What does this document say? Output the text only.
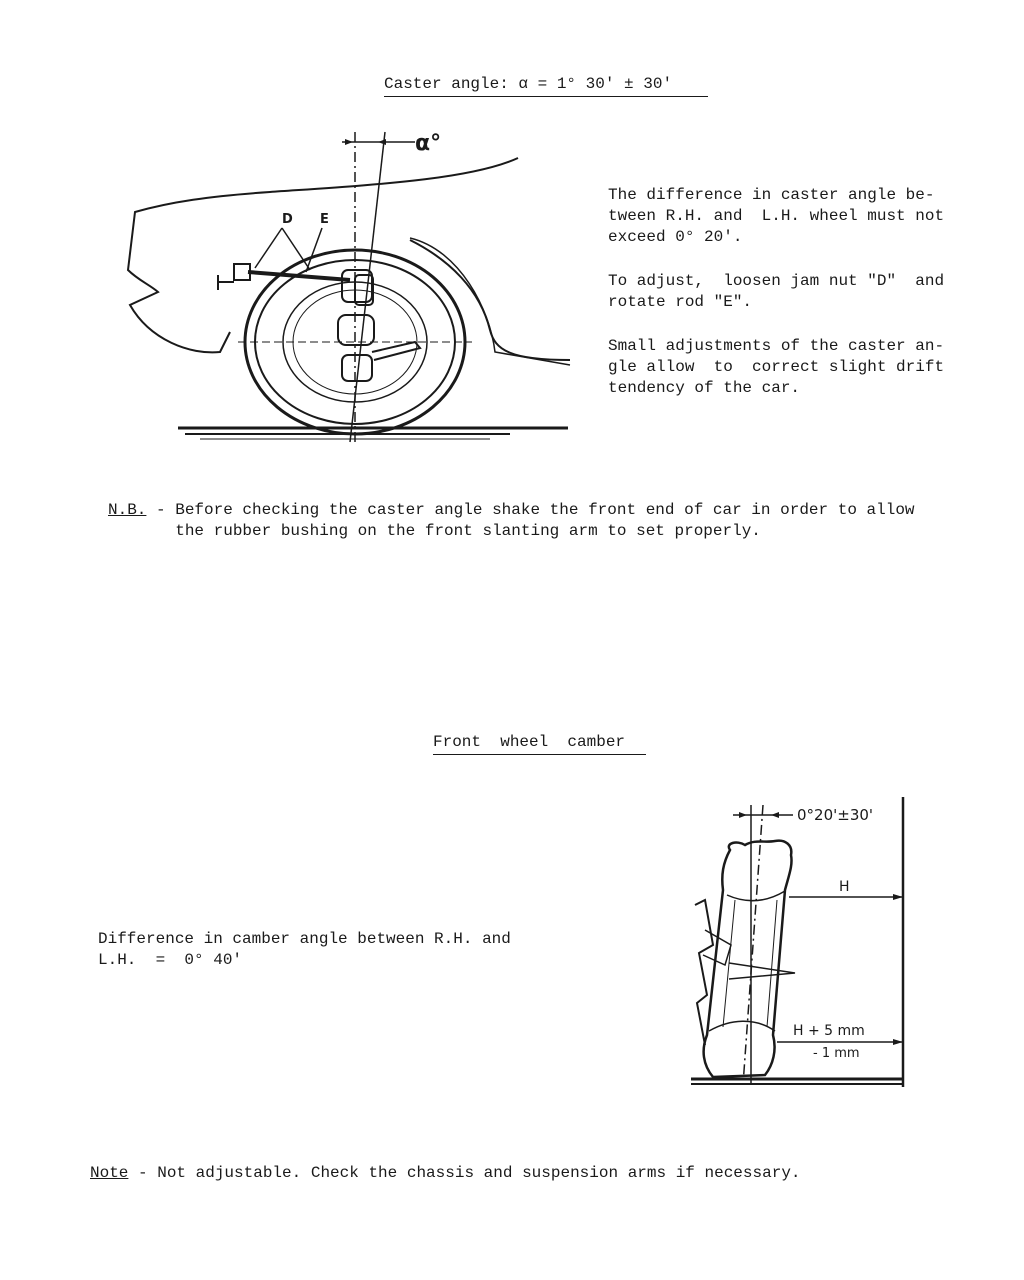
Caster angle: α = 1° 30' ± 30'
α°
D E
The difference in caster angle be-
tween R.H. and  L.H. wheel must not
exceed 0° 20'.
To adjust,  loosen jam nut "D"  and
rotate rod "E".
Small adjustments of the caster an-
gle allow  to  correct slight drift
tendency of the car.
N.B. - Before checking the caster angle shake the front end of car in order to allow
the rubber bushing on the front slanting arm to set properly.
Front  wheel  camber
Difference in camber angle between R.H. and
L.H.  =  0° 40'
0°20'±30'
H
H + 5 mm
- 1 mm
Note - Not adjustable. Check the chassis and suspension arms if necessary.
